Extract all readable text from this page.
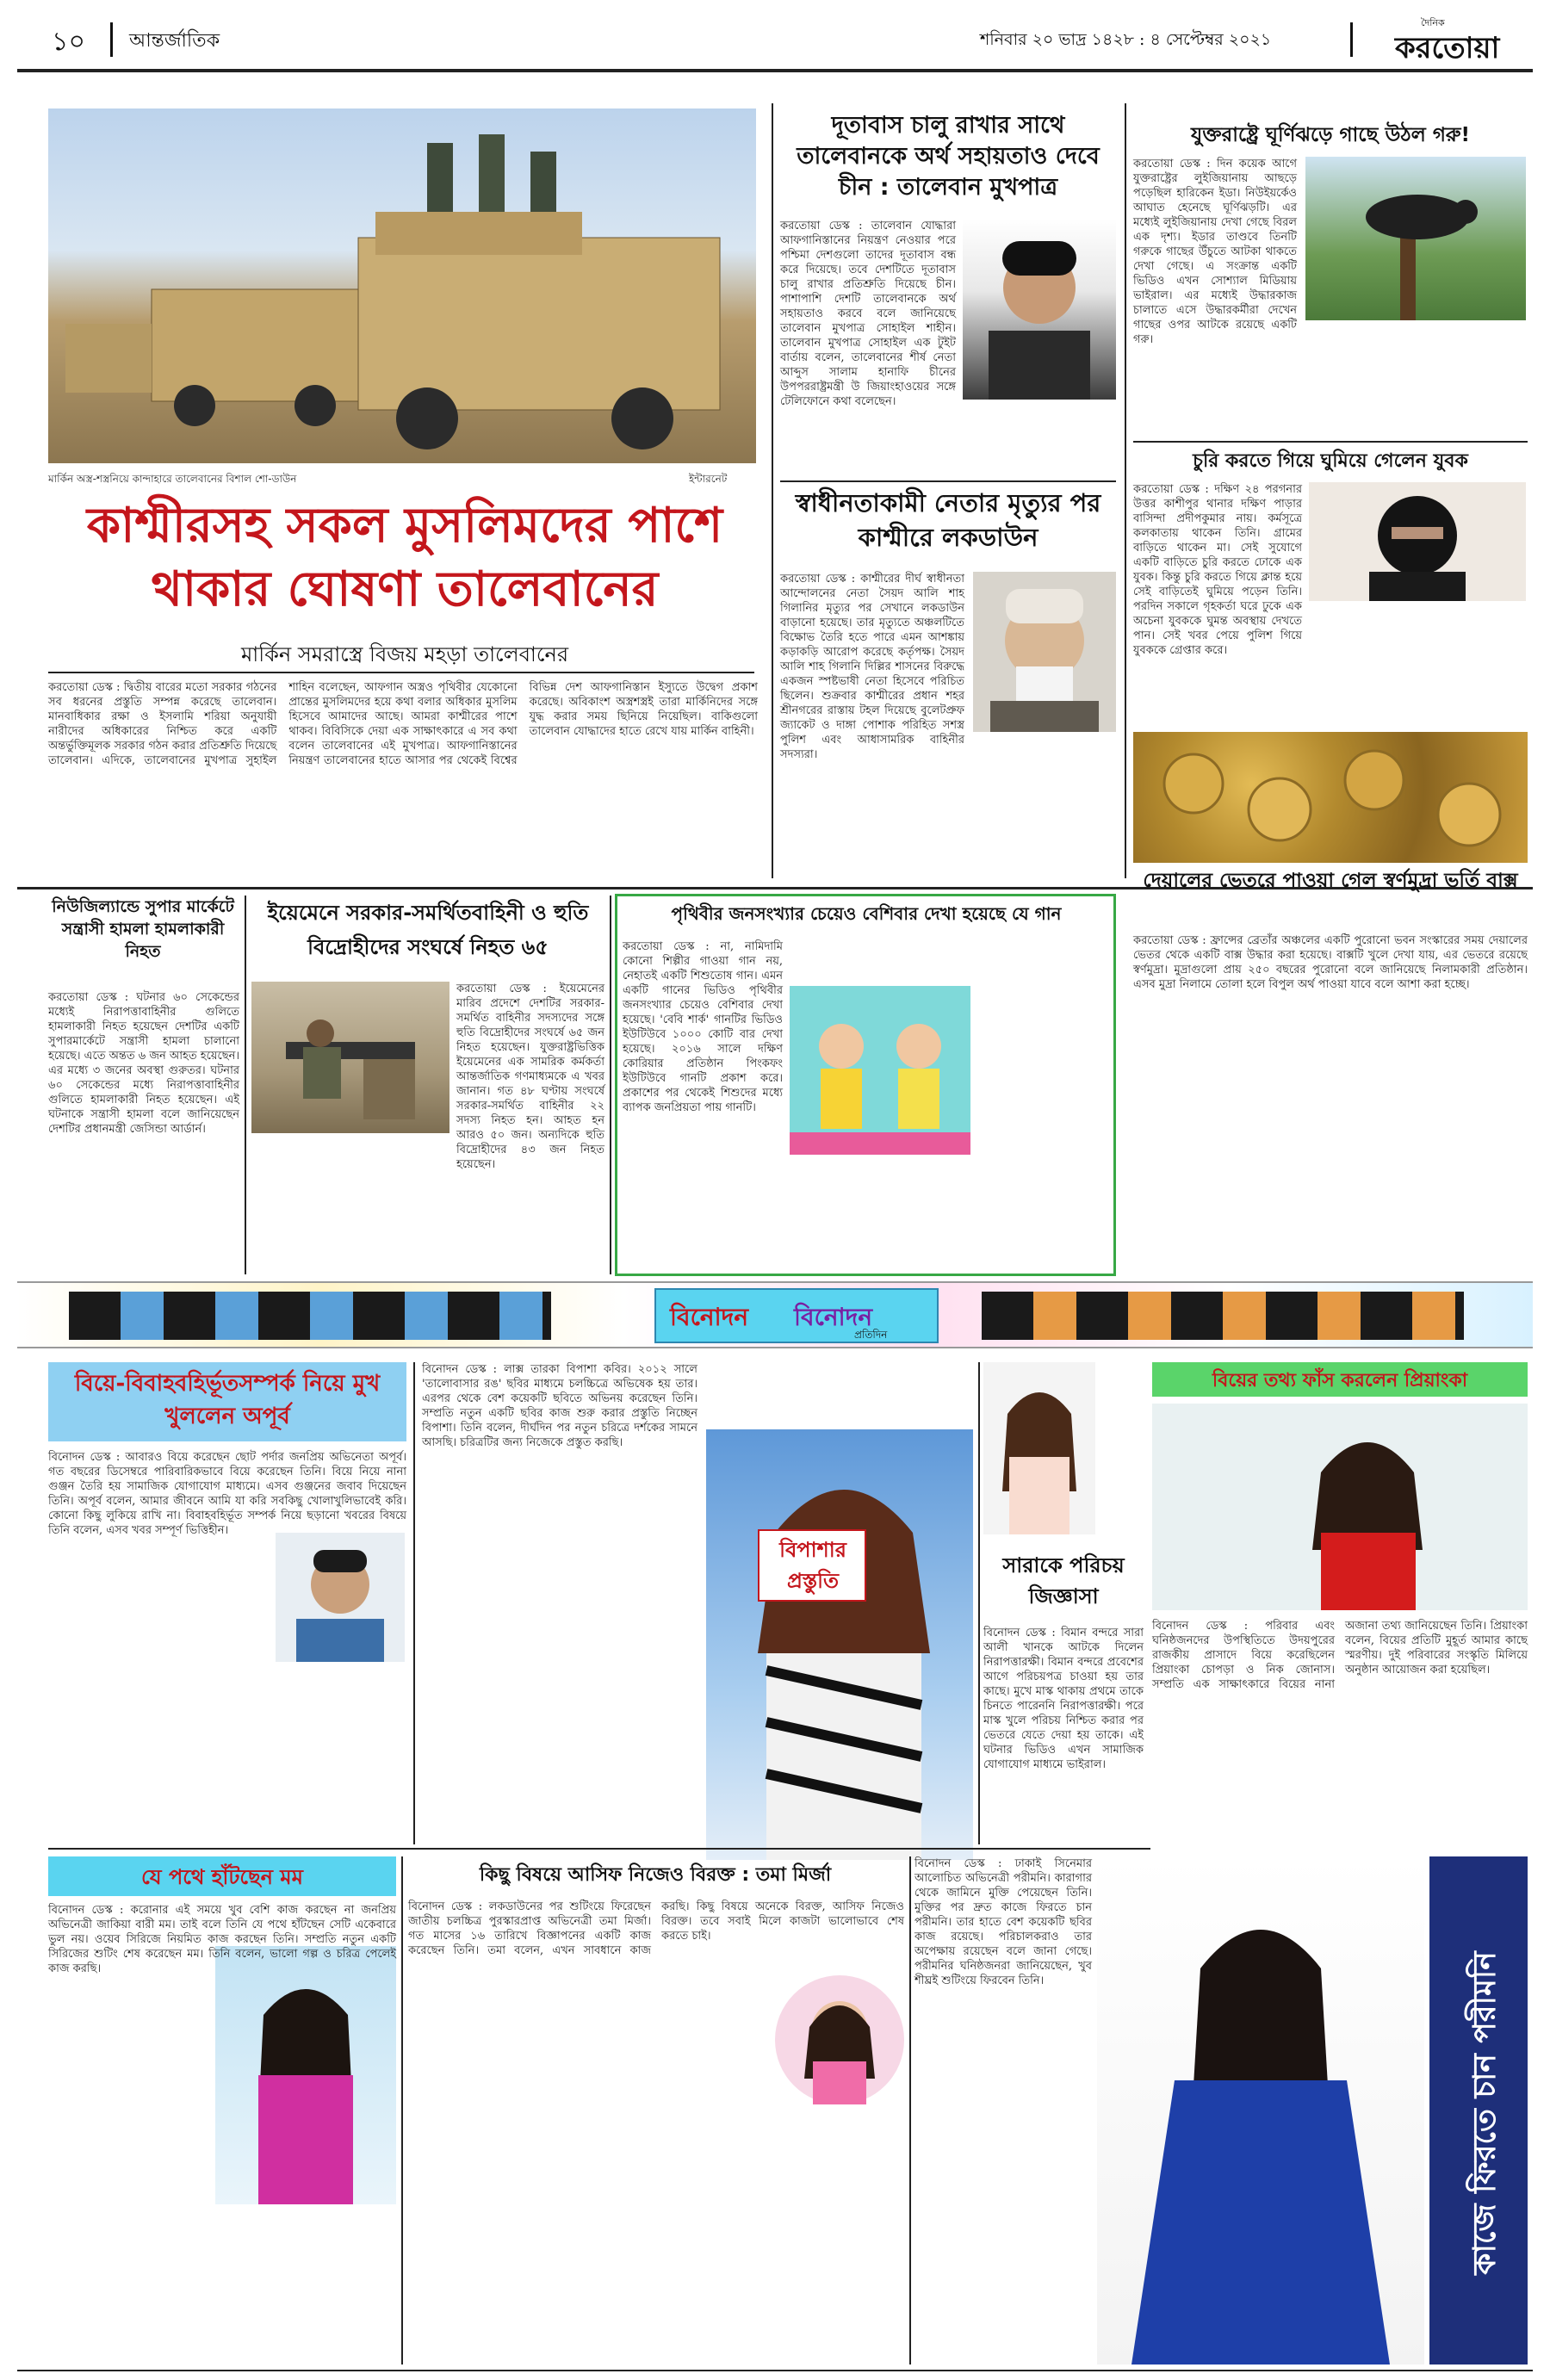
১০ আন্তর্জাতিক	শনিবার ২০ ভাদ্র ১৪২৮ : ৪ সেপ্টেম্বর ২০২১
দৈনিক
করতোয়া
মার্কিন অস্ত্র-শস্ত্রনিয়ে কান্দাহারে তালেবানের বিশাল শো-ডাউন	ইন্টারনেট
কাশ্মীরসহ সকল মুসলিমদের পাশে থাকার ঘোষণা তালেবানের
মার্কিন সমরাস্ত্রে বিজয় মহড়া তালেবানের

করতোয়া ডেস্ক : দ্বিতীয় বারের মতো সরকার গঠনের সব ধরনের প্রস্তুতি সম্পন্ন করেছে তালেবান। মানবাধিকার রক্ষা ও ইসলামি শরিয়া অনুযায়ী নারীদের অধিকারের নিশ্চিত করে একটি অন্তর্ভুক্তিমূলক সরকার গঠন করার প্রতিশ্রুতি দিয়েছে তালেবান। এদিকে, তালেবানের মুখপাত্র সুহাইল শাহিন বলেছেন, আফগান অস্ত্রও পৃথিবীর যেকোনো প্রান্তের মুসলিমদের হয়ে কথা বলার অধিকার মুসলিম হিসেবে আমাদের আছে। আমরা কাশ্মীরের পাশে থাকব। বিবিসিকে দেয়া এক সাক্ষাৎকারে এ সব কথা বলেন তালেবানের এই মুখপাত্র। আফগানিস্তানের নিয়ন্ত্রণ তালেবানের হাতে আসার পর থেকেই বিশ্বের বিভিন্ন দেশ আফগানিস্তান ইস্যুতে উদ্বেগ প্রকাশ করেছে। অবিকাংশ অস্ত্রশস্ত্রই তারা মার্কিনিদের সঙ্গে যুদ্ধ করার সময় ছিনিয়ে নিয়েছিল। বাকিগুলো তালেবান যোদ্ধাদের হাতে রেখে যায় মার্কিন বাহিনী।

দূতাবাস চালু রাখার সাথে তালেবানকে অর্থ সহায়তাও দেবে চীন : তালেবান মুখপাত্র

করতোয়া ডেস্ক : তালেবান যোদ্ধারা আফগানিস্তানের নিয়ন্ত্রণ নেওয়ার পরে পশ্চিমা দেশগুলো তাদের দূতাবাস বন্ধ করে দিয়েছে। তবে দেশটিতে দূতাবাস চালু রাখার প্রতিশ্রুতি দিয়েছে চীন। পাশাপাশি দেশটি তালেবানকে অর্থ সহায়তাও করবে বলে জানিয়েছে তালেবান মুখপাত্র সোহাইল শাহীন। তালেবান মুখপাত্র সোহাইল এক টুইট বার্তায় বলেন, তালেবানের শীর্ষ নেতা আব্দুস সালাম হানাফি চীনের উপপররাষ্ট্রমন্ত্রী উ জিয়াংহাওয়ের সঙ্গে টেলিফোনে কথা বলেছেন।

স্বাধীনতাকামী নেতার মৃত্যুর পর কাশ্মীরে লকডাউন

করতোয়া ডেস্ক : কাশ্মীরের দীর্ঘ স্বাধীনতা আন্দোলনের নেতা সৈয়দ আলি শাহ গিলানির মৃত্যুর পর সেখানে লকডাউন বাড়ানো হয়েছে। তার মৃত্যুতে অঞ্চলটিতে বিক্ষোভ তৈরি হতে পারে এমন আশঙ্কায় কড়াকড়ি আরোপ করেছে কর্তৃপক্ষ। সৈয়দ আলি শাহ গিলানি দিল্লির শাসনের বিরুদ্ধে একজন স্পষ্টভাষী নেতা হিসেবে পরিচিত ছিলেন। শুক্রবার কাশ্মীরের প্রধান শহর শ্রীনগরের রাস্তায় টহল দিয়েছে বুলেটপ্রুফ জ্যাকেট ও দাঙ্গা পোশাক পরিহিত সশস্ত্র পুলিশ এবং আধাসামরিক বাহিনীর সদস্যরা।

যুক্তরাষ্ট্রে ঘূর্ণিঝড়ে গাছে উঠল গরু!

করতোয়া ডেস্ক : দিন কয়েক আগে যুক্তরাষ্ট্রের লুইজিয়ানায় আছড়ে পড়েছিল হারিকেন ইডা। নিউইয়র্কেও আঘাত হেনেছে ঘূর্ণিঝড়টি। এর মধ্যেই লুইজিয়ানায় দেখা গেছে বিরল এক দৃশ্য। ইডার তাণ্ডবে তিনটি গরুকে গাছের উঁচুতে আটকা থাকতে দেখা গেছে। এ সংক্রান্ত একটি ভিডিও এখন সোশ্যাল মিডিয়ায় ভাইরাল। এর মধ্যেই উদ্ধারকাজ চালাতে এসে উদ্ধারকর্মীরা দেখেন গাছের ওপর আটকে রয়েছে একটি গরু।

চুরি করতে গিয়ে ঘুমিয়ে গেলেন যুবক

করতোয়া ডেস্ক : দক্ষিণ ২৪ পরগনার উত্তর কাশীপুর থানার দক্ষিণ পাড়ার বাসিন্দা প্রদীপকুমার নায়। কর্মসূত্রে কলকাতায় থাকেন তিনি। গ্রামের বাড়িতে থাকেন মা। সেই সুযোগে একটি বাড়িতে চুরি করতে ঢোকে এক যুবক। কিন্তু চুরি করতে গিয়ে ক্লান্ত হয়ে সেই বাড়িতেই ঘুমিয়ে পড়েন তিনি। পরদিন সকালে গৃহকর্তা ঘরে ঢুকে এক অচেনা যুবককে ঘুমন্ত অবস্থায় দেখতে পান। সেই খবর পেয়ে পুলিশ গিয়ে যুবককে গ্রেপ্তার করে।

নিউজিল্যান্ডে সুপার মার্কেটে সন্ত্রাসী হামলা হামলাকারী নিহত

করতোয়া ডেস্ক : ঘটনার ৬০ সেকেন্ডের মধ্যেই নিরাপত্তাবাহিনীর গুলিতে হামলাকারী নিহত হয়েছেন দেশটির একটি সুপারমার্কেটে সন্ত্রাসী হামলা চালানো হয়েছে। এতে অন্তত ৬ জন আহত হয়েছেন। এর মধ্যে ৩ জনের অবস্থা গুরুতর। ঘটনার ৬০ সেকেন্ডের মধ্যে নিরাপত্তাবাহিনীর গুলিতে হামলাকারী নিহত হয়েছেন। এই ঘটনাকে সন্ত্রাসী হামলা বলে জানিয়েছেন দেশটির প্রধানমন্ত্রী জেসিন্ডা আর্ডার্ন।

ইয়েমেনে সরকার-সমর্থিতবাহিনী ও হুতি বিদ্রোহীদের সংঘর্ষে নিহত ৬৫

করতোয়া ডেস্ক : ইয়েমেনের মারিব প্রদেশে দেশটির সরকার-সমর্থিত বাহিনীর সদস্যদের সঙ্গে হুতি বিদ্রোহীদের সংঘর্ষে ৬৫ জন নিহত হয়েছেন। যুক্তরাষ্ট্রভিত্তিক ইয়েমেনের এক সামরিক কর্মকর্তা আন্তর্জাতিক গণমাধ্যমকে এ খবর জানান। গত ৪৮ ঘণ্টায় সংঘর্ষে সরকার-সমর্থিত বাহিনীর ২২ সদস্য নিহত হন। আহত হন আরও ৫০ জন। অন্যদিকে হুতি বিদ্রোহীদের ৪৩ জন নিহত হয়েছেন।

পৃথিবীর জনসংখ্যার চেয়েও বেশিবার দেখা হয়েছে যে গান

করতোয়া ডেস্ক : না, নামিদামি কোনো শিল্পীর গাওয়া গান নয়, নেহাতই একটি শিশুতোষ গান। এমন একটি গানের ভিডিও পৃথিবীর জনসংখ্যার চেয়েও বেশিবার দেখা হয়েছে। 'বেবি শার্ক' গানটির ভিডিও ইউটিউবে ১০০০ কোটি বার দেখা হয়েছে। ২০১৬ সালে দক্ষিণ কোরিয়ার প্রতিষ্ঠান পিংকফং ইউটিউবে গানটি প্রকাশ করে। প্রকাশের পর থেকেই শিশুদের মধ্যে ব্যাপক জনপ্রিয়তা পায় গানটি।

দেয়ালের ভেতরে পাওয়া গেল স্বর্ণমুদ্রা ভর্তি বাক্স

করতোয়া ডেস্ক : ফ্রান্সের ব্রেতাঁর অঞ্চলের একটি পুরোনো ভবন সংস্কারের সময় দেয়ালের ভেতর থেকে একটি বাক্স উদ্ধার করা হয়েছে। বাক্সটি খুলে দেখা যায়, এর ভেতরে রয়েছে স্বর্ণমুদ্রা। মুদ্রাগুলো প্রায় ২৫০ বছরের পুরোনো বলে জানিয়েছে নিলামকারী প্রতিষ্ঠান। এসব মুদ্রা নিলামে তোলা হলে বিপুল অর্থ পাওয়া যাবে বলে আশা করা হচ্ছে।

বিনোদন বিনোদন
প্রতিদিন
বিয়ে-বিবাহবহির্ভূতসম্পর্ক নিয়ে মুখ খুললেন অপূর্ব

বিনোদন ডেস্ক : আবারও বিয়ে করেছেন ছোট পর্দার জনপ্রিয় অভিনেতা অপূর্ব। গত বছরের ডিসেম্বরে পারিবারিকভাবে বিয়ে করেছেন তিনি। বিয়ে নিয়ে নানা গুঞ্জন তৈরি হয় সামাজিক যোগাযোগ মাধ্যমে। এসব গুঞ্জনের জবাব দিয়েছেন তিনি। অপূর্ব বলেন, আমার জীবনে আমি যা করি সবকিছু খোলাখুলিভাবেই করি। কোনো কিছু লুকিয়ে রাখি না। বিবাহবহির্ভূত সম্পর্ক নিয়ে ছড়ানো খবরের বিষয়ে তিনি বলেন, এসব খবর সম্পূর্ণ ভিত্তিহীন।

বিপাশার প্রস্তুতি

বিনোদন ডেস্ক : লাক্স তারকা বিপাশা কবির। ২০১২ সালে 'তালোবাসার রঙ' ছবির মাধ্যমে চলচ্চিত্রে অভিষেক হয় তার। এরপর থেকে বেশ কয়েকটি ছবিতে অভিনয় করেছেন তিনি। সম্প্রতি নতুন একটি ছবির কাজ শুরু করার প্রস্তুতি নিচ্ছেন বিপাশা। তিনি বলেন, দীর্ঘদিন পর নতুন চরিত্রে দর্শকের সামনে আসছি। চরিত্রটির জন্য নিজেকে প্রস্তুত করছি।

সারাকে পরিচয় জিজ্ঞাসা

বিনোদন ডেস্ক : বিমান বন্দরে সারা আলী খানকে আটকে দিলেন নিরাপত্তারক্ষী। বিমান বন্দরে প্রবেশের আগে পরিচয়পত্র চাওয়া হয় তার কাছে। মুখে মাস্ক থাকায় প্রথমে তাকে চিনতে পারেননি নিরাপত্তারক্ষী। পরে মাস্ক খুলে পরিচয় নিশ্চিত করার পর ভেতরে যেতে দেয়া হয় তাকে। এই ঘটনার ভিডিও এখন সামাজিক যোগাযোগ মাধ্যমে ভাইরাল।

বিয়ের তথ্য ফাঁস করলেন প্রিয়াংকা

বিনোদন ডেস্ক : পরিবার এবং ঘনিষ্ঠজনদের উপস্থিতিতে উদয়পুরের রাজকীয় প্রাসাদে বিয়ে করেছিলেন প্রিয়াংকা চোপড়া ও নিক জোনাস। সম্প্রতি এক সাক্ষাৎকারে বিয়ের নানা অজানা তথ্য জানিয়েছেন তিনি। প্রিয়াংকা বলেন, বিয়ের প্রতিটি মুহূর্ত আমার কাছে স্মরণীয়। দুই পরিবারের সংস্কৃতি মিলিয়ে অনুষ্ঠান আয়োজন করা হয়েছিল।

যে পথে হাঁটছেন মম

বিনোদন ডেস্ক : করোনার এই সময়ে খুব বেশি কাজ করছেন না জনপ্রিয় অভিনেত্রী জাকিয়া বারী মম। তাই বলে তিনি যে পথে হাঁটছেন সেটি একেবারে ভুল নয়। ওয়েব সিরিজে নিয়মিত কাজ করছেন তিনি। সম্প্রতি নতুন একটি সিরিজের শুটিং শেষ করেছেন মম। তিনি বলেন, ভালো গল্প ও চরিত্র পেলেই কাজ করছি।

কিছু বিষয়ে আসিফ নিজেও বিরক্ত : তমা মির্জা

বিনোদন ডেস্ক : লকডাউনের পর শুটিংয়ে ফিরেছেন জাতীয় চলচ্চিত্র পুরস্কারপ্রাপ্ত অভিনেত্রী তমা মির্জা। গত মাসের ১৬ তারিখে বিজ্ঞাপনের একটি কাজ করেছেন তিনি। তমা বলেন, এখন সাবধানে কাজ করছি। কিছু বিষয়ে অনেকে বিরক্ত, আসিফ নিজেও বিরক্ত। তবে সবাই মিলে কাজটা ভালোভাবে শেষ করতে চাই।

বিনোদন ডেস্ক : ঢাকাই সিনেমার আলোচিত অভিনেত্রী পরীমনি। কারাগার থেকে জামিনে মুক্তি পেয়েছেন তিনি। মুক্তির পর দ্রুত কাজে ফিরতে চান পরীমনি। তার হাতে বেশ কয়েকটি ছবির কাজ রয়েছে। পরিচালকরাও তার অপেক্ষায় রয়েছেন বলে জানা গেছে। পরীমনির ঘনিষ্ঠজনরা জানিয়েছেন, খুব শীঘ্রই শুটিংয়ে ফিরবেন তিনি।	কাজে ফিরতে চান পরীমনি
